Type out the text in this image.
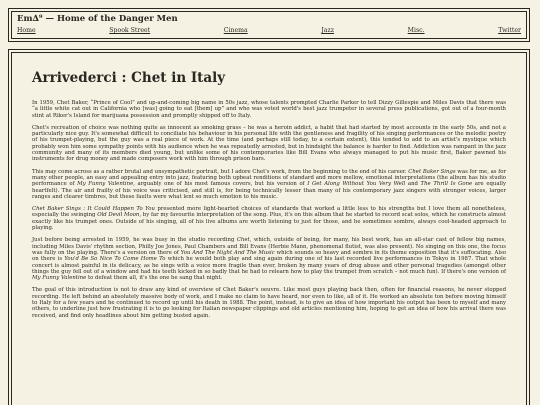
Em∆⁹ — Home of the Danger Men
Home	Spook Street	Cinema	Jazz	Misc.	Twitter
Arrivederci : Chet in Italy

In 1959, Chet Baker, “Prince of Cool” and up-and-coming big name in 50s jazz, whose talents prompted Charlie Parker to tell Dizzy Gillespie and Miles Davis that there was “a little white cat out in California who [was] going to eat [them] up” and who was voted world's best jazz trumpeter in several press publications, got out of a four-month stint at Riker's Island for marijuana possession and promptly shipped off to Italy.

Chet's recreation of choice was nothing quite as innocent as smoking grass – he was a heroin addict, a habit that had started by most accounts in the early 50s, and not a particularly nice guy. It's somewhat difficult to conciliate his behaviour in his personal life with the gentleness and fragility of his singing performances or the melodic poetry of his trumpet-playing, but the guy was a real piece of work. At the time (and perhaps still today, to a certain extent), this tended to add to an artist's mystique which probably won him some sympathy points with his audience when he was repeatedly arrested, but in hindsight the balance is harder to find. Addiction was rampant in the jazz community and many of its members died young, but unlike some of his contemporaries like Bill Evans who always managed to put his music first, Baker pawned his instruments for drug money and made composers work with him through prison bars.

This may come across as a rather brutal and unsympathetic portrait, but I adore Chet's work, from the beginning to the end of his career. Chet Baker Sings was for me, as for many other people, an easy and appealing entry into jazz, featuring both upbeat renditions of standard and more mellow, emotional interpretations (the album has his studio performance of My Funny Valentine, arguably one of his most famous covers, but his version of I Get Along Without You Very Well and The Thrill Is Gone are equally heartfelt). The air and frailty of his voice was criticised, and still is, for being technically lesser than many of his contemporary jazz singers with stronger voices, larger ranges and clearer timbres, but these faults were what lent so much emotion to his music.

Chet Baker Sings : It Could Happen To You presented more light-hearted choices of standards that worked a little less to his strengths but I love them all nonetheless, especially the swinging Old Devil Moon, by far my favourite interpretation of the song. Plus, it's on this album that he started to record scat solos, which he constructs almost exactly like his trumpet ones. Outside of his singing, all of his live albums are worth listening to just for those, and he sometimes sombre, always cool-headed approach to playing.

Just before being arrested in 1959, he was busy in the studio recording Chet, which, outside of being, for many, his best work, has an all-star cast of fellow big names, including Miles Davis' rhythm section, Philly Joe Jones, Paul Chambers and Bill Evans (Herbie Mann, phenomenal flutist, was also present). No singing on this one, the focus was fully on the playing. There's a version on there of You And The Night And The Music which sounds so heavy and sombre in its theme exposition that it's suffocating. Also on there is You'd Be So Nice To Come Home To which he would both play and sing again during one of his last recorded live performances in Tokyo in 1987. That whole concert is almost painful in its delicacy, as he sings with a voice more fragile than ever, broken by many years of drug abuse and other personal tragedies (amongst other things the guy fell out of a window and had his teeth kicked in so badly that he had to relearn how to play the trumpet from scratch – not much fun). If there's one version of My Funny Valentine to defeat them all, it's the one he sang that night.

The goal of this introduction is not to draw any kind of overview of Chet Baker's oeuvre. Like most guys playing back then, often for financial reasons, he never stopped recording. He left behind an absolutely massive body of work, and I make no claim to have heard, nor even to like, all of it. He worked an absolute ton before moving himself to Italy for a few years and he continued to record up until his death in 1988. The point, instead, is to give an idea of how important his output has been to myself and many others, to underline just how frustrating it is to go looking for Italian newspaper clippings and old articles mentioning him, hoping to get an idea of how his arrival there was received, and find only headlines about him getting busted again.
